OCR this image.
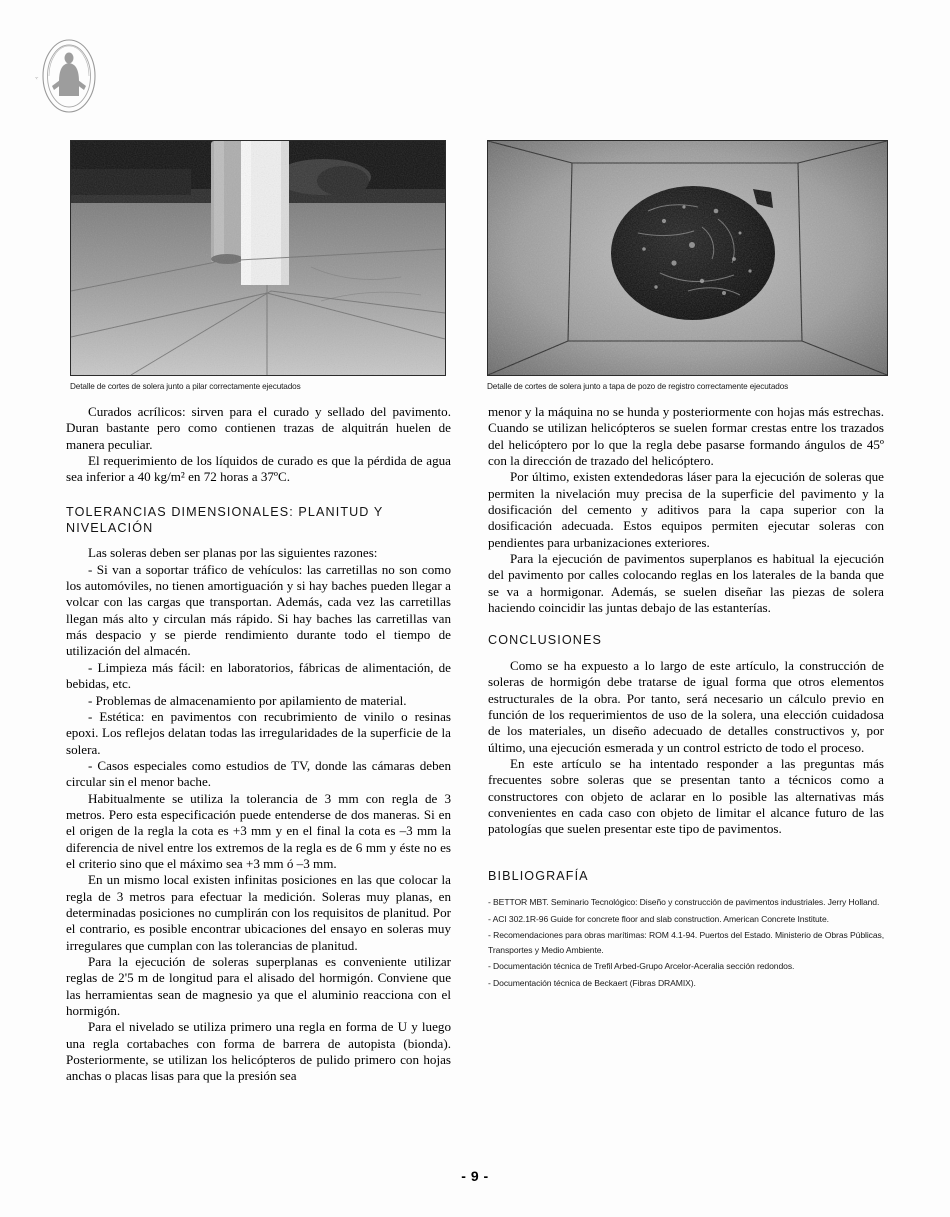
A
Detalle de cortes de solera junto a pilar correctamente ejecutados	Detalle de cortes de solera junto a tapa de pozo de registro correctamente ejecutados

Curados acrílicos: sirven para el curado y sellado del pavimento. Duran bastante pero como contienen trazas de alquitrán huelen de manera peculiar.

El requerimiento de los líquidos de curado es que la pérdida de agua sea inferior a 40 kg/m² en 72 horas a 37ºC.

TOLERANCIAS DIMENSIONALES: PLANITUD Y NIVELACIÓN

Las soleras deben ser planas por las siguientes razones:

- Si van a soportar tráfico de vehículos: las carretillas no son como los automóviles, no tienen amortiguación y si hay baches pueden llegar a volcar con las cargas que transportan. Además, cada vez las carretillas llegan más alto y circulan más rápido. Si hay baches las carretillas van más despacio y se pierde rendimiento durante todo el tiempo de utilización del almacén.

- Limpieza más fácil: en laboratorios, fábricas de alimentación, de bebidas, etc.

- Problemas de almacenamiento por apilamiento de material.

- Estética: en pavimentos con recubrimiento de vinilo o resinas epoxi. Los reflejos delatan todas las irregularidades de la superficie de la solera.

- Casos especiales como estudios de TV, donde las cámaras deben circular sin el menor bache.

Habitualmente se utiliza la tolerancia de 3 mm con regla de 3 metros. Pero esta especificación puede entenderse de dos maneras. Si en el origen de la regla la cota es +3 mm y en el final la cota es –3 mm la diferencia de nivel entre los extremos de la regla es de 6 mm y éste no es el criterio sino que el máximo sea +3 mm ó –3 mm.

En un mismo local existen infinitas posiciones en las que colocar la regla de 3 metros para efectuar la medición. Soleras muy planas, en determinadas posiciones no cumplirán con los requisitos de planitud. Por el contrario, es posible encontrar ubicaciones del ensayo en soleras muy irregulares que cumplan con las tolerancias de planitud.

Para la ejecución de soleras superplanas es conveniente utilizar reglas de 2'5 m de longitud para el alisado del hormigón. Conviene que las herramientas sean de magnesio ya que el aluminio reacciona con el hormigón.

Para el nivelado se utiliza primero una regla en forma de U y luego una regla cortabaches con forma de barrera de autopista (bionda). Posteriormente, se utilizan los helicópteros de pulido primero con hojas anchas o placas lisas para que la presión sea

menor y la máquina no se hunda y posteriormente con hojas más estrechas. Cuando se utilizan helicópteros se suelen formar crestas entre los trazados del helicóptero por lo que la regla debe pasarse formando ángulos de 45º con la dirección de trazado del helicóptero.

Por último, existen extendedoras láser para la ejecución de soleras que permiten la nivelación muy precisa de la superficie del pavimento y la dosificación del cemento y aditivos para la capa superior con la dosificación adecuada. Estos equipos permiten ejecutar soleras con pendientes para urbanizaciones exteriores.

Para la ejecución de pavimentos superplanos es habitual la ejecución del pavimento por calles colocando reglas en los laterales de la banda que se va a hormigonar. Además, se suelen diseñar las piezas de solera haciendo coincidir las juntas debajo de las estanterías.

CONCLUSIONES

Como se ha expuesto a lo largo de este artículo, la construcción de soleras de hormigón debe tratarse de igual forma que otros elementos estructurales de la obra. Por tanto, será necesario un cálculo previo en función de los requerimientos de uso de la solera, una elección cuidadosa de los materiales, un diseño adecuado de detalles constructivos y, por último, una ejecución esmerada y un control estricto de todo el proceso.

En este artículo se ha intentado responder a las preguntas más frecuentes sobre soleras que se presentan tanto a técnicos como a constructores con objeto de aclarar en lo posible las alternativas más convenientes en cada caso con objeto de limitar el alcance futuro de las patologías que suelen presentar este tipo de pavimentos.

BIBLIOGRAFÍA

- BETTOR MBT. Seminario Tecnológico: Diseño y construcción de pavimentos industriales. Jerry Holland.

- ACI 302.1R-96 Guide for concrete floor and slab construction. American Concrete Institute.

- Recomendaciones para obras marítimas: ROM 4.1-94. Puertos del Estado. Ministerio de Obras Públicas, Transportes y Medio Ambiente.

- Documentación técnica de Trefil Arbed-Grupo Arcelor-Aceralia sección redondos.

- Documentación técnica de Beckaert (Fibras DRAMIX).

- 9 -
